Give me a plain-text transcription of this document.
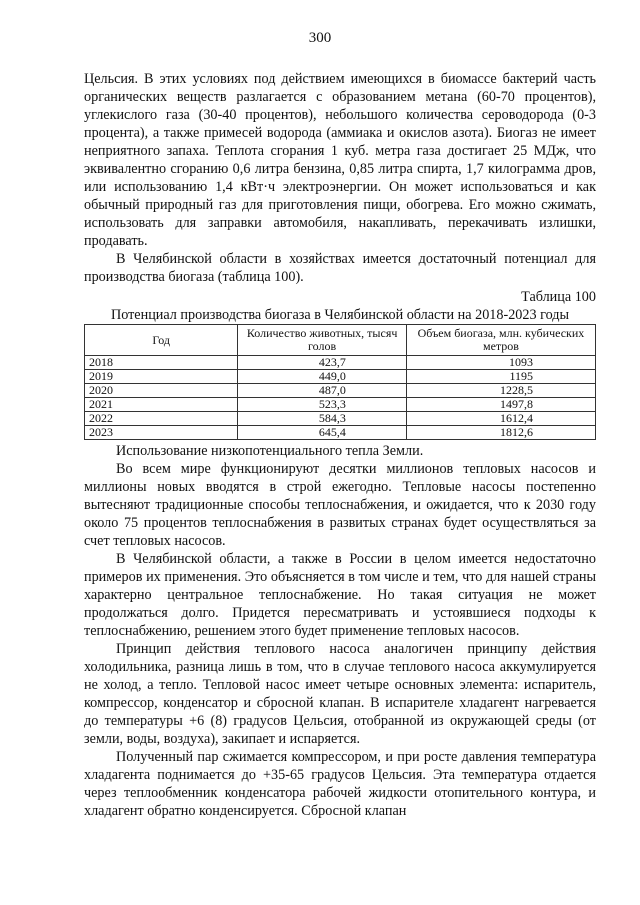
300

Цельсия. В этих условиях под действием имеющихся в биомассе бактерий часть органических веществ разлагается с образованием метана (60-70 процентов), углекислого газа (30-40 процентов), небольшого количества сероводорода (0-3 процента), а также примесей водорода (аммиака и окислов азота). Биогаз не имеет неприятного запаха. Теплота сгорания 1 куб. метра газа достигает 25 МДж, что эквивалентно сгоранию 0,6 литра бензина, 0,85 литра спирта, 1,7 килограмма дров, или использованию 1,4 кВт·ч электроэнергии. Он может использоваться и как обычный природный газ для приготовления пищи, обогрева. Его можно сжимать, использовать для заправки автомобиля, накапливать, перекачивать излишки, продавать.

В Челябинской области в хозяйствах имеется достаточный потенциал для производства биогаза (таблица 100).

Таблица 100
Потенциал производства биогаза в Челябинской области на 2018-2023 годы
Год	Количество животных, тысяч голов	Объем биогаза, млн. кубических метров
2018	423,7	1093
2019	449,0	1195
2020	487,0	1228,5
2021	523,3	1497,8
2022	584,3	1612,4
2023	645,4	1812,6

Использование низкопотенциального тепла Земли.

Во всем мире функционируют десятки миллионов тепловых насосов и миллионы новых вводятся в строй ежегодно. Тепловые насосы постепенно вытесняют традиционные способы теплоснабжения, и ожидается, что к 2030 году около 75 процентов теплоснабжения в развитых странах будет осуществляться за счет тепловых насосов.

В Челябинской области, а также в России в целом имеется недостаточно примеров их применения. Это объясняется в том числе и тем, что для нашей страны характерно центральное теплоснабжение. Но такая ситуация не может продолжаться долго. Придется пересматривать и устоявшиеся подходы к теплоснабжению, решением этого будет применение тепловых насосов.

Принцип действия теплового насоса аналогичен принципу действия холодильника, разница лишь в том, что в случае теплового насоса аккумулируется не холод, а тепло. Тепловой насос имеет четыре основных элемента: испаритель, компрессор, конденсатор и сбросной клапан. В испарителе хладагент нагревается до температуры +6 (8) градусов Цельсия, отобранной из окружающей среды (от земли, воды, воздуха), закипает и испаряется.

Полученный пар сжимается компрессором, и при росте давления температура хладагента поднимается до +35-65 градусов Цельсия. Эта температура отдается через теплообменник конденсатора рабочей жидкости отопительного контура, и хладагент обратно конденсируется. Сбросной клапан
